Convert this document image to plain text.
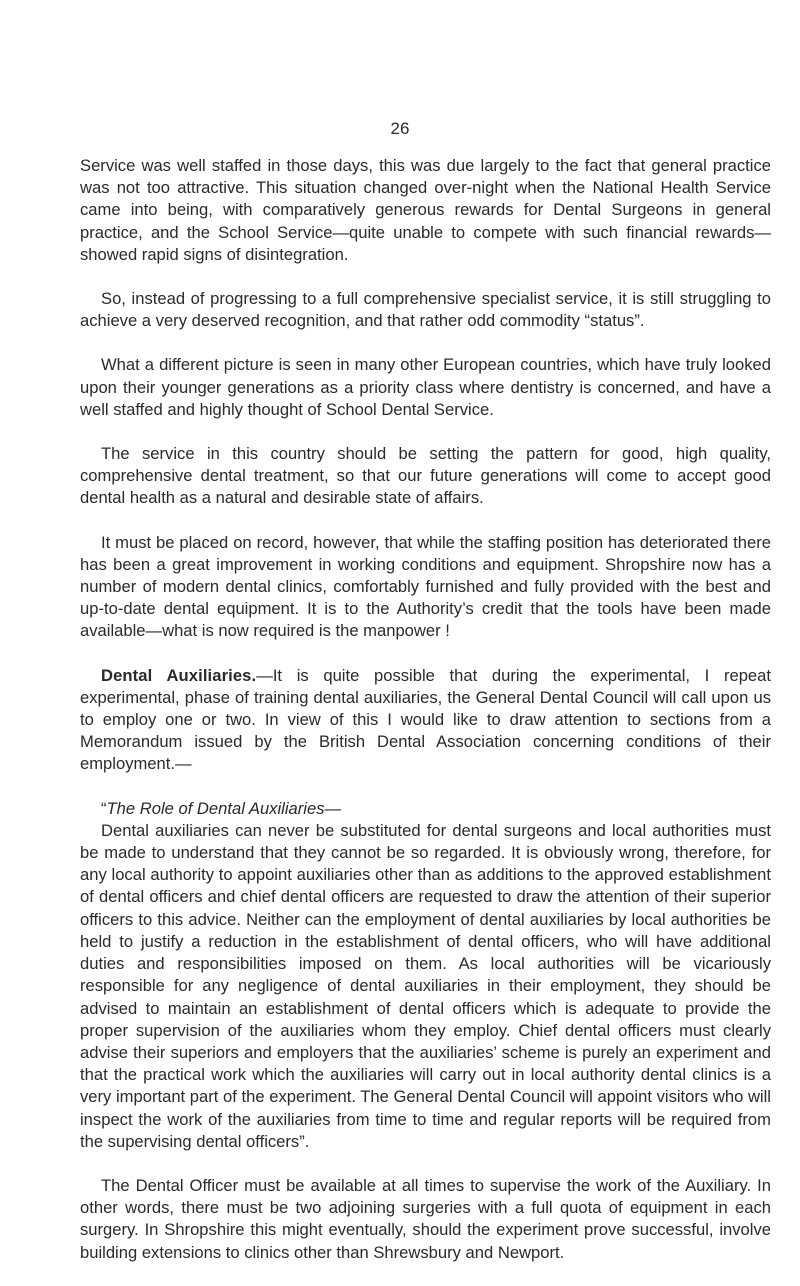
26

Service was well staffed in those days, this was due largely to the fact that general practice was not too attractive. This situation changed over-night when the National Health Service came into being, with comparatively generous rewards for Dental Surgeons in general practice, and the School Service—quite unable to compete with such financial rewards—showed rapid signs of disintegration.

So, instead of progressing to a full comprehensive specialist service, it is still struggling to achieve a very deserved recognition, and that rather odd commodity “status”.

What a different picture is seen in many other European countries, which have truly looked upon their younger generations as a priority class where dentistry is concerned, and have a well staffed and highly thought of School Dental Service.

The service in this country should be setting the pattern for good, high quality, comprehensive dental treatment, so that our future generations will come to accept good dental health as a natural and desirable state of affairs.

It must be placed on record, however, that while the staffing position has deteriorated there has been a great improvement in working conditions and equipment. Shropshire now has a number of modern dental clinics, comfortably furnished and fully provided with the best and up-to-date dental equipment. It is to the Authority’s credit that the tools have been made available—what is now required is the manpower !

Dental Auxiliaries.—It is quite possible that during the experimental, I repeat experimental, phase of training dental auxiliaries, the General Dental Council will call upon us to employ one or two. In view of this I would like to draw attention to sections from a Memorandum issued by the British Dental Association concerning conditions of their employment.—

“The Role of Dental Auxiliaries—

Dental auxiliaries can never be substituted for dental surgeons and local authorities must be made to understand that they cannot be so regarded. It is obviously wrong, therefore, for any local authority to appoint auxiliaries other than as additions to the approved establishment of dental officers and chief dental officers are requested to draw the attention of their superior officers to this advice. Neither can the employment of dental auxiliaries by local authorities be held to justify a reduction in the establishment of dental officers, who will have additional duties and responsibilities imposed on them. As local authorities will be vicariously responsible for any negligence of dental auxiliaries in their employment, they should be advised to maintain an establishment of dental officers which is adequate to provide the proper supervision of the auxiliaries whom they employ. Chief dental officers must clearly advise their superiors and employers that the auxiliaries’ scheme is purely an experiment and that the practical work which the auxiliaries will carry out in local authority dental clinics is a very important part of the experiment. The General Dental Council will appoint visitors who will inspect the work of the auxiliaries from time to time and regular reports will be required from the supervising dental officers”.

The Dental Officer must be available at all times to supervise the work of the Auxiliary. In other words, there must be two adjoining surgeries with a full quota of equipment in each surgery. In Shropshire this might eventually, should the experiment prove successful, involve building extensions to clinics other than Shrewsbury and Newport.
